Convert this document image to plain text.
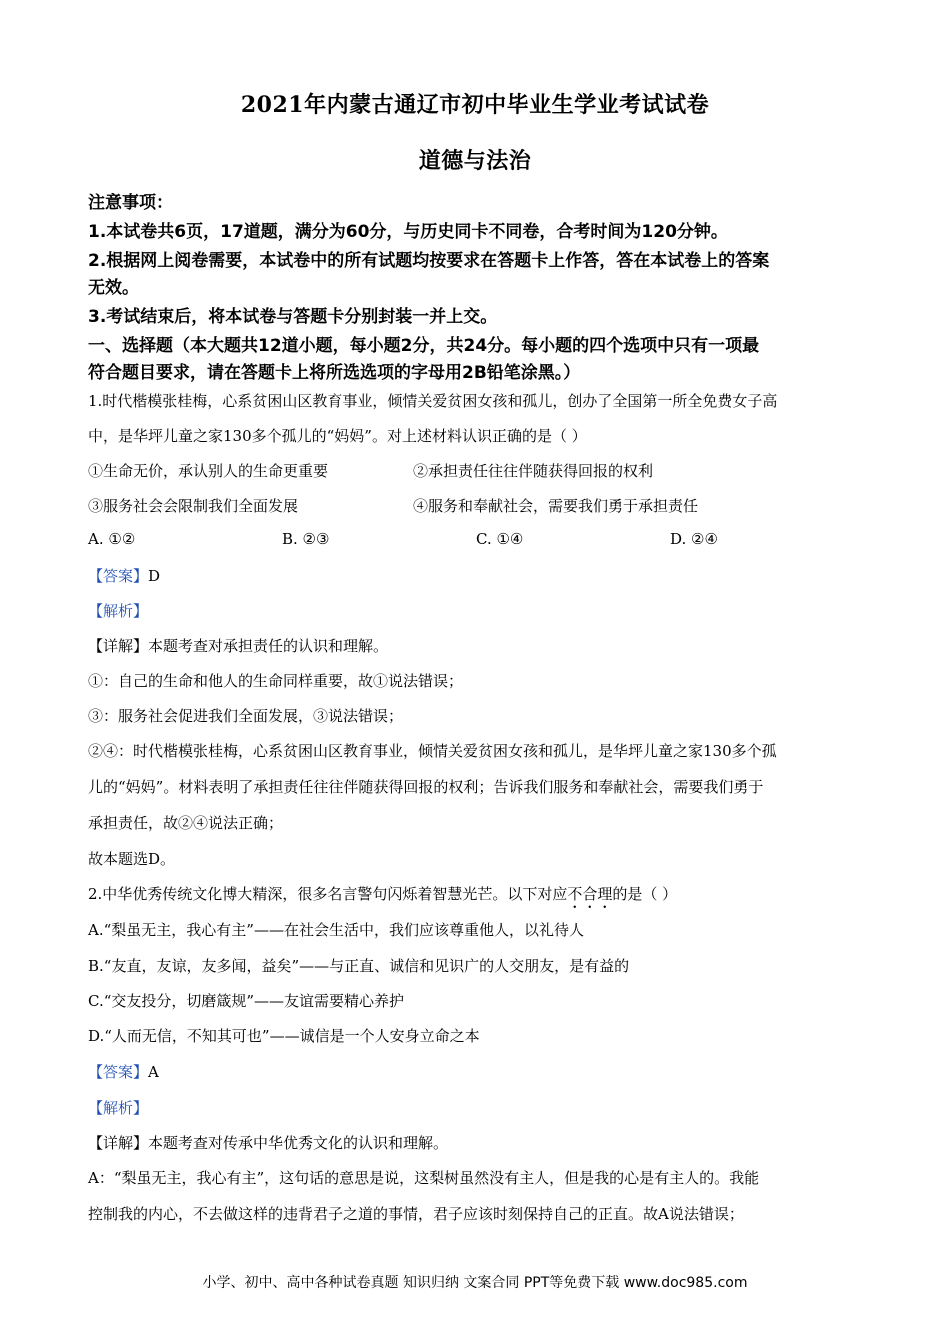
2021年内蒙古通辽市初中毕业生学业考试试卷
道德与法治
注意事项：
1.本试卷共6页，17道题，满分为60分，与历史同卡不同卷，合考时间为120分钟。
2.根据网上阅卷需要，本试卷中的所有试题均按要求在答题卡上作答，答在本试卷上的答案
无效。
3.考试结束后，将本试卷与答题卡分别封装一并上交。
一、选择题（本大题共12道小题，每小题2分，共24分。每小题的四个选项中只有一项最
符合题目要求，请在答题卡上将所选选项的字母用2B铅笔涂黑。）
1.时代楷模张桂梅，心系贫困山区教育事业，倾情关爱贫困女孩和孤儿，创办了全国第一所全免费女子高
中，是华坪儿童之家130多个孤儿的“妈妈”。对上述材料认识正确的是（ ）
①生命无价，承认别人的生命更重要	②承担责任往往伴随获得回报的权利
③服务社会会限制我们全面发展	④服务和奉献社会，需要我们勇于承担责任
A. ①②	B. ②③	C. ①④	D. ②④
【答案】D
【解析】
【详解】本题考查对承担责任的认识和理解。
①：自己的生命和他人的生命同样重要，故①说法错误；
③：服务社会促进我们全面发展，③说法错误；
②④：时代楷模张桂梅，心系贫困山区教育事业，倾情关爱贫困女孩和孤儿，是华坪儿童之家130多个孤
儿的“妈妈”。材料表明了承担责任往往伴随获得回报的权利；告诉我们服务和奉献社会，需要我们勇于
承担责任，故②④说法正确；
故本题选D。
2.中华优秀传统文化博大精深，很多名言警句闪烁着智慧光芒。以下对应不合理的是（ ）
A.“梨虽无主，我心有主”——在社会生活中，我们应该尊重他人，以礼待人
B.“友直，友谅，友多闻，益矣”——与正直、诚信和见识广的人交朋友，是有益的
C.“交友投分，切磨箴规”——友谊需要精心养护
D.“人而无信，不知其可也”——诚信是一个人安身立命之本
【答案】A
【解析】
【详解】本题考查对传承中华优秀文化的认识和理解。
A：“梨虽无主，我心有主”，这句话的意思是说，这梨树虽然没有主人，但是我的心是有主人的。我能
控制我的内心，不去做这样的违背君子之道的事情，君子应该时刻保持自己的正直。故A说法错误；
小学、初中、高中各种试卷真题 知识归纳 文案合同 PPT等免费下载 www.doc985.com
